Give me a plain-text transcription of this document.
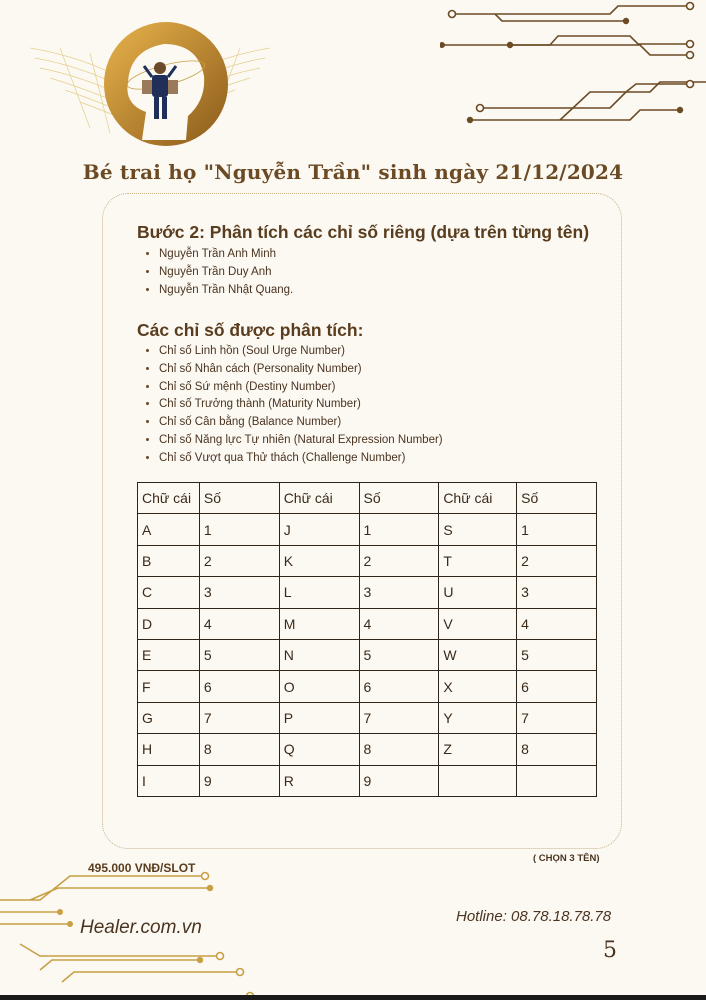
Bé trai họ "Nguyễn Trần" sinh ngày 21/12/2024
Bước 2: Phân tích các chỉ số riêng (dựa trên từng tên)
• Nguyễn Trần Anh Minh
• Nguyễn Trần Duy Anh
• Nguyễn Trần Nhật Quang.
Các chỉ số được phân tích:
• Chỉ số Linh hồn (Soul Urge Number)
• Chỉ số Nhân cách (Personality Number)
• Chỉ số Sứ mệnh (Destiny Number)
• Chỉ số Trưởng thành (Maturity Number)
• Chỉ số Cân bằng (Balance Number)
• Chỉ số Năng lực Tự nhiên (Natural Expression Number)
• Chỉ số Vượt qua Thử thách (Challenge Number)
Chữ cái	Số	Chữ cái	Số	Chữ cái	Số
A	1	J	1	S	1
B	2	K	2	T	2
C	3	L	3	U	3
D	4	M	4	V	4
E	5	N	5	W	5
F	6	O	6	X	6
G	7	P	7	Y	7
H	8	Q	8	Z	8
I	9	R	9		
495.000 VNĐ/SLOT
( CHỌN 3 TÊN)
Healer.com.vn
Hotline: 08.78.18.78.78
5
